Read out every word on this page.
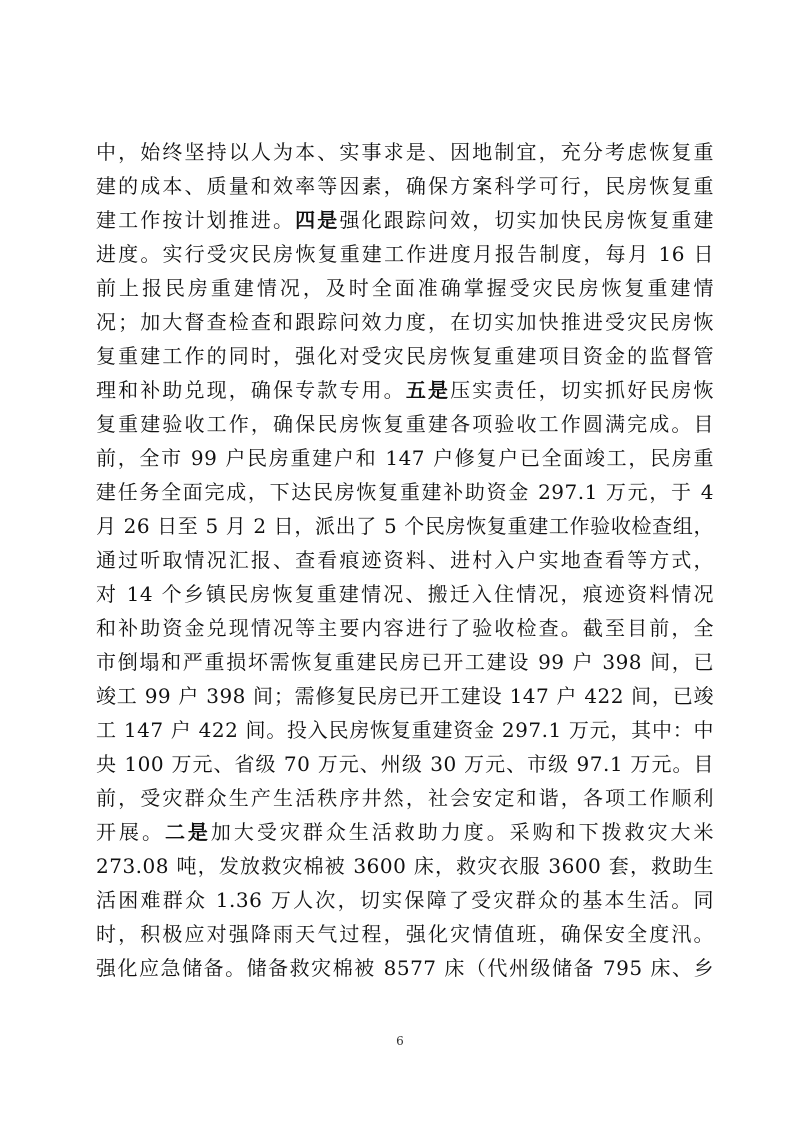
中，始终坚持以人为本、实事求是、因地制宜，充分考虑恢复重
建的成本、质量和效率等因素，确保方案科学可行，民房恢复重
建工作按计划推进。四是强化跟踪问效，切实加快民房恢复重建
进度。实行受灾民房恢复重建工作进度月报告制度，每月 16 日
前上报民房重建情况，及时全面准确掌握受灾民房恢复重建情
况；加大督查检查和跟踪问效力度，在切实加快推进受灾民房恢
复重建工作的同时，强化对受灾民房恢复重建项目资金的监督管
理和补助兑现，确保专款专用。五是压实责任，切实抓好民房恢
复重建验收工作，确保民房恢复重建各项验收工作圆满完成。目
前，全市 99 户民房重建户和 147 户修复户已全面竣工，民房重
建任务全面完成，下达民房恢复重建补助资金 297.1 万元，于 4
月 26 日至 5 月 2 日，派出了 5 个民房恢复重建工作验收检查组，
通过听取情况汇报、查看痕迹资料、进村入户实地查看等方式，
对 14 个乡镇民房恢复重建情况、搬迁入住情况，痕迹资料情况
和补助资金兑现情况等主要内容进行了验收检查。截至目前，全
市倒塌和严重损坏需恢复重建民房已开工建设 99 户 398 间，已
竣工 99 户 398 间；需修复民房已开工建设 147 户 422 间，已竣
工 147 户 422 间。投入民房恢复重建资金 297.1 万元，其中：中
央 100 万元、省级 70 万元、州级 30 万元、市级 97.1 万元。目
前，受灾群众生产生活秩序井然，社会安定和谐，各项工作顺利
开展。二是加大受灾群众生活救助力度。采购和下拨救灾大米
273.08 吨，发放救灾棉被 3600 床，救灾衣服 3600 套，救助生
活困难群众 1.36 万人次，切实保障了受灾群众的基本生活。同
时，积极应对强降雨天气过程，强化灾情值班，确保安全度汛。
强化应急储备。储备救灾棉被 8577 床（代州级储备 795 床、乡
6
